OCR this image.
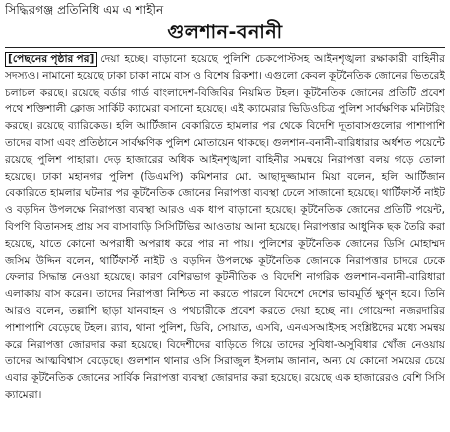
সিদ্ধিরগঞ্জ প্রতিনিধি এম এ শাহীন
গুলশান-বনানী
[পেছনের পৃষ্ঠার পর] দেয়া হচ্ছে। বাড়ানো হয়েছে পুলিশি চেকপোস্টসহ আইনশৃঙ্খলা রক্ষাকারী বাহিনীর সদস্যও। নামানো হয়েছে ঢাকা চাকা নামে বাস ও বিশেষ রিকশা। এগুলো কেবল কূটনৈতিক জোনের ভিতরেই চলাচল করছে। রয়েছে বর্ডার গার্ড বাংলাদেশ-বিজিবির নিয়মিত টহল। কূটনৈতিক জোনের প্রতিটি প্রবেশ পথে শক্তিশালী ক্লোজ সার্কিট ক্যামেরা বসানো হয়েছে। এই ক্যামেরার ভিডিওচিত্র পুলিশ সার্বক্ষণিক মনিটরিং করছে। রয়েছে ব্যারিকেড। হলি আর্টিজান বেকারিতে হামলার পর থেকে বিদেশি দূতাবাসগুলোর পাশাপাশি তাদের বাসা এবং প্রতিষ্ঠানে সার্বক্ষণিক পুলিশ মোতায়েন থাকছে। গুলশান-বনানী-বারিধারার অর্ধশত পয়েন্টে রয়েছে পুলিশ পাহারা। দেড় হাজারের অধিক আইনশৃঙ্খলা বাহিনীর সমন্বয়ে নিরাপত্তা বলয় গড়ে তোলা হয়েছে। ঢাকা মহানগর পুলিশ (ডিএমপি) কমিশনার মো. আছাদুজ্জামান মিয়া বলেন, হলি আর্টিজান বেকারিতে হামলার ঘটনার পর কূটনৈতিক জোনের নিরাপত্তা ব্যবস্থা ঢেলে সাজানো হয়েছে। থার্টিফার্স্ট নাইট ও বড়দিন উপলক্ষে নিরাপত্তা ব্যবস্থা আরও এক ধাপ বাড়ানো হয়েছে। কূটনৈতিক জোনের প্রতিটি পয়েন্ট, বিপণি বিতানসহ প্রায় সব বাসাবাড়ি সিসিটিভির আওতায় আনা হয়েছে। নিরাপত্তার আধুনিক ছক তৈরি করা হয়েছে, যাতে কোনো অপরাধী অপরাধ করে পার না পায়। পুলিশের কূটনৈতিক জোনের ডিসি মোহাম্মদ জসিম উদ্দিন বলেন, থার্টিফার্স্ট নাইট ও বড়দিন উপলক্ষে কূটনৈতিক জোনকে নিরাপত্তার চাদরে ঢেকে ফেলার সিদ্ধান্ত নেওয়া হয়েছে। কারণ বেশিরভাগ কূটনীতিক ও বিদেশি নাগরিক গুলশান-বনানী-বারিধারা এলাকায় বাস করেন। তাদের নিরাপত্তা নিশ্চিত না করতে পারলে বিদেশে দেশের ভাবমূর্তি ক্ষুণ্ন হবে। তিনি আরও বলেন, তল্লাশি ছাড়া যানবাহন ও পথচারীকে প্রবেশ করতে দেয়া হচ্ছে না। গোয়েন্দা নজরদারির পাশাপাশি বেড়েছে টহল। র‍্যাব, থানা পুলিশ, ডিবি, সোয়াত, এসবি, এনএসআইসহ সংশ্লিষ্টদের মধ্যে সমন্বয় করে নিরাপত্তা জোরদার করা হয়েছে। বিদেশীদের বাড়িতে গিয়ে তাদের সুবিধা-অসুবিধার খোঁজ নেওয়ায় তাদের আত্মবিশ্বাস বেড়েছে। গুলশান থানার ওসি সিরাজুল ইসলাম জানান, অন্য যে কোনো সময়ের চেয়ে এবার কূটনৈতিক জোনের সার্বিক নিরাপত্তা ব্যবস্থা জোরদার করা হয়েছে। রয়েছে এক হাজারেরও বেশি সিসি ক্যামেরা।
